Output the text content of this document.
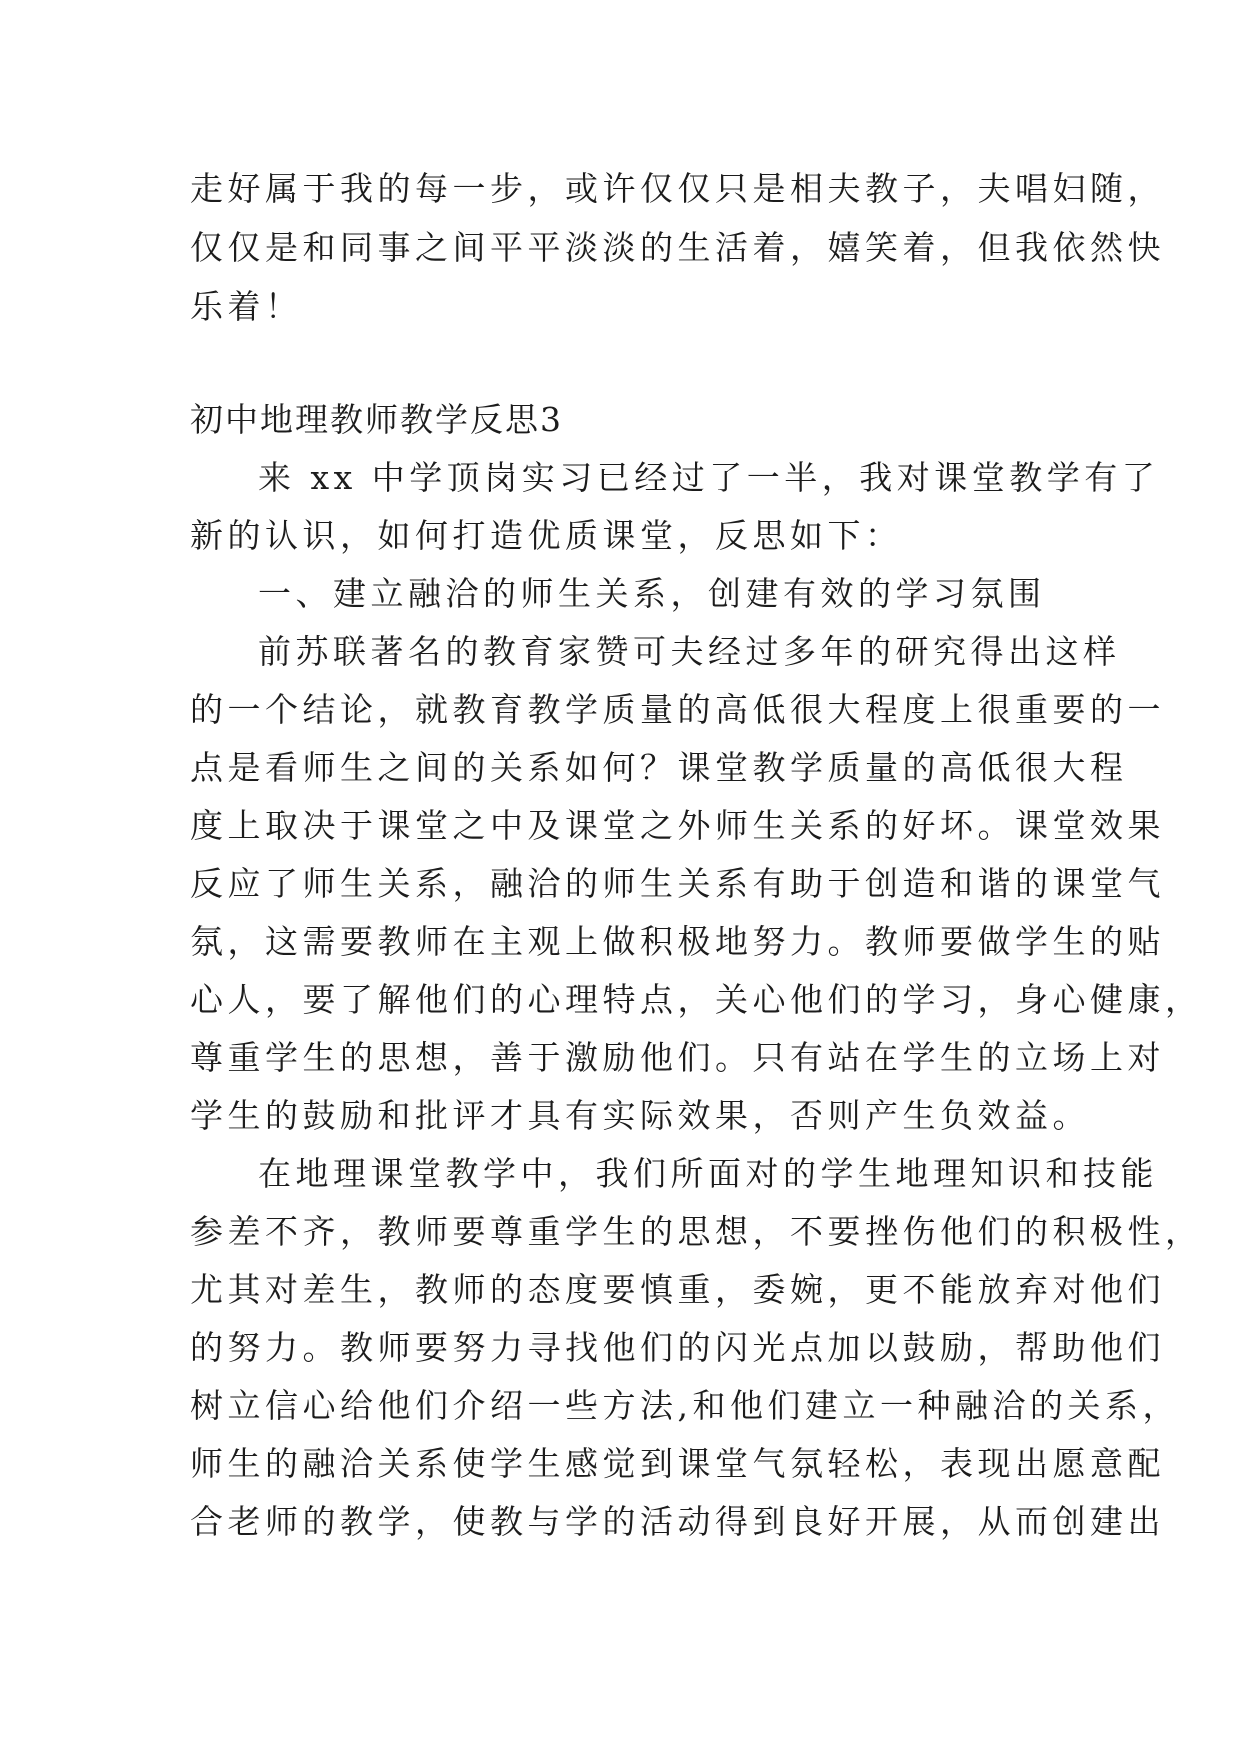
走好属于我的每一步，或许仅仅只是相夫教子，夫唱妇随，

仅仅是和同事之间平平淡淡的生活着，嬉笑着，但我依然快

乐着！

初中地理教师教学反思3

来 xx 中学顶岗实习已经过了一半，我对课堂教学有了

新的认识，如何打造优质课堂，反思如下：

一、建立融洽的师生关系，创建有效的学习氛围

前苏联著名的教育家赞可夫经过多年的研究得出这样

的一个结论，就教育教学质量的高低很大程度上很重要的一

点是看师生之间的关系如何？课堂教学质量的高低很大程

度上取决于课堂之中及课堂之外师生关系的好坏。课堂效果

反应了师生关系，融洽的师生关系有助于创造和谐的课堂气

氛，这需要教师在主观上做积极地努力。教师要做学生的贴

心人，要了解他们的心理特点，关心他们的学习，身心健康，

尊重学生的思想，善于激励他们。只有站在学生的立场上对

学生的鼓励和批评才具有实际效果，否则产生负效益。

在地理课堂教学中，我们所面对的学生地理知识和技能

参差不齐，教师要尊重学生的思想，不要挫伤他们的积极性，

尤其对差生，教师的态度要慎重，委婉，更不能放弃对他们

的努力。教师要努力寻找他们的闪光点加以鼓励，帮助他们

树立信心给他们介绍一些方法,和他们建立一种融洽的关系，

师生的融洽关系使学生感觉到课堂气氛轻松，表现出愿意配

合老师的教学，使教与学的活动得到良好开展，从而创建出
